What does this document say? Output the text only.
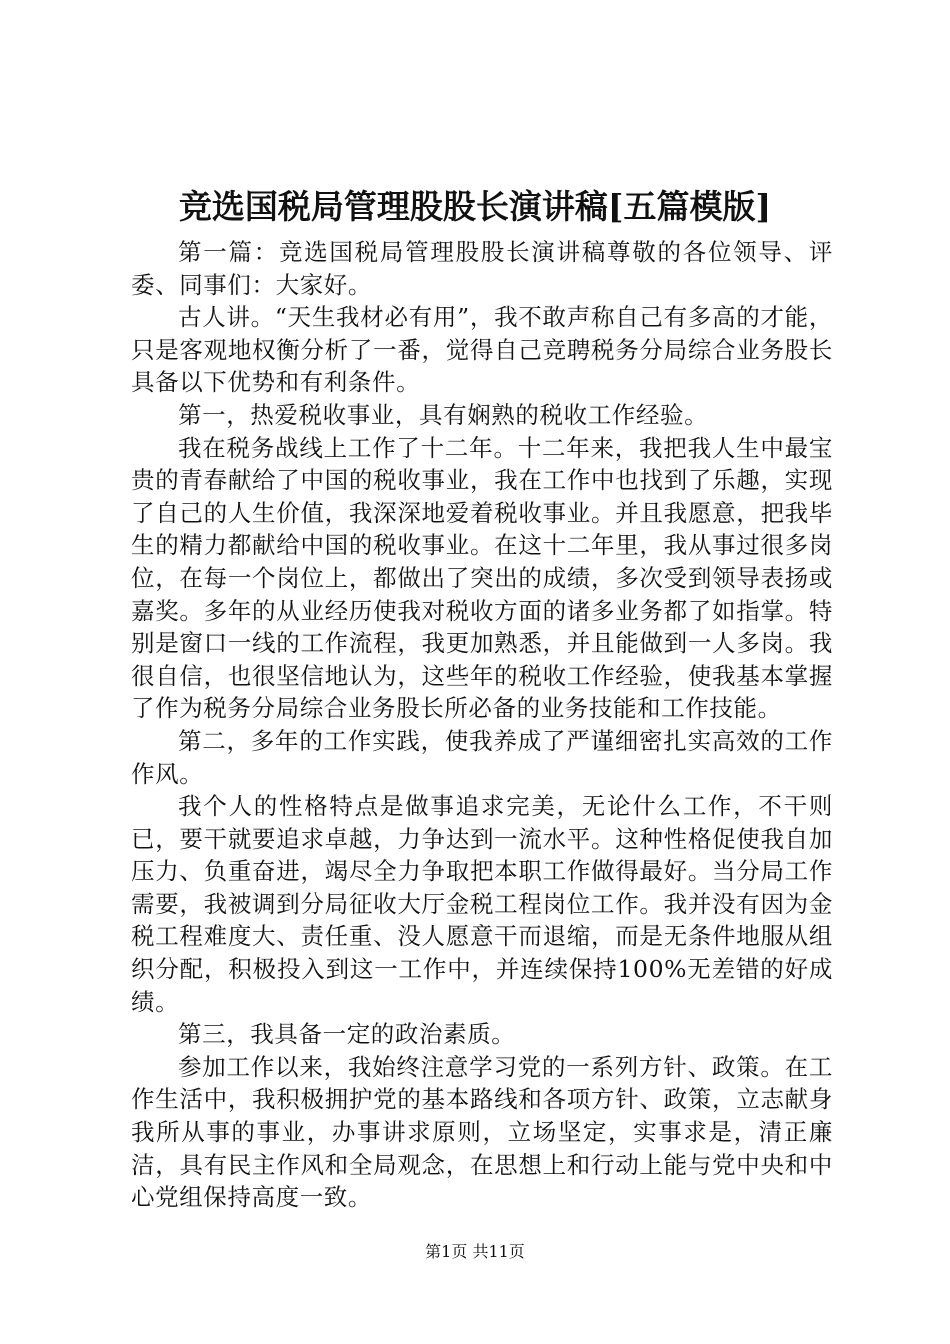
竞选国税局管理股股长演讲稿[五篇模版]

第一篇：竞选国税局管理股股长演讲稿尊敬的各位领导、评委、同事们：大家好。

古人讲。“天生我材必有用”，我不敢声称自己有多高的才能，只是客观地权衡分析了一番，觉得自己竞聘税务分局综合业务股长具备以下优势和有利条件。

第一，热爱税收事业，具有娴熟的税收工作经验。

我在税务战线上工作了十二年。十二年来，我把我人生中最宝贵的青春献给了中国的税收事业，我在工作中也找到了乐趣，实现了自己的人生价值，我深深地爱着税收事业。并且我愿意，把我毕生的精力都献给中国的税收事业。在这十二年里，我从事过很多岗位，在每一个岗位上，都做出了突出的成绩，多次受到领导表扬或嘉奖。多年的从业经历使我对税收方面的诸多业务都了如指掌。特别是窗口一线的工作流程，我更加熟悉，并且能做到一人多岗。我很自信，也很坚信地认为，这些年的税收工作经验，使我基本掌握了作为税务分局综合业务股长所必备的业务技能和工作技能。

第二，多年的工作实践，使我养成了严谨细密扎实高效的工作作风。

我个人的性格特点是做事追求完美，无论什么工作，不干则已，要干就要追求卓越，力争达到一流水平。这种性格促使我自加压力、负重奋进，竭尽全力争取把本职工作做得最好。当分局工作需要，我被调到分局征收大厅金税工程岗位工作。我并没有因为金税工程难度大、责任重、没人愿意干而退缩，而是无条件地服从组织分配，积极投入到这一工作中，并连续保持100%无差错的好成绩。

第三，我具备一定的政治素质。

参加工作以来，我始终注意学习党的一系列方针、政策。在工作生活中，我积极拥护党的基本路线和各项方针、政策，立志献身我所从事的事业，办事讲求原则，立场坚定，实事求是，清正廉洁，具有民主作风和全局观念，在思想上和行动上能与党中央和中心党组保持高度一致。

第1页 共11页
